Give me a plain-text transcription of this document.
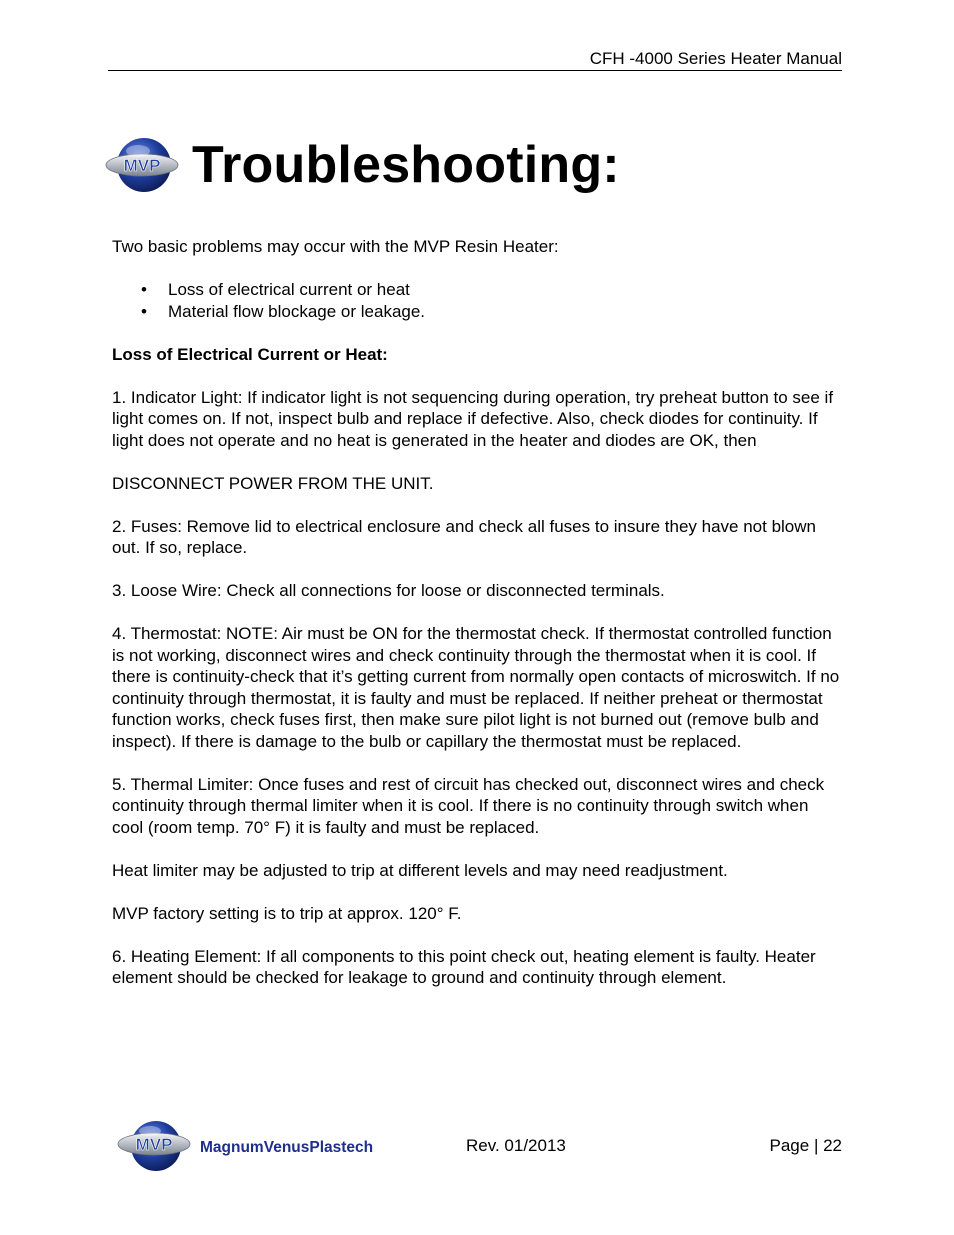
CFH -4000 Series Heater Manual
MVP Troubleshooting:

Two basic problems may occur with the MVP Resin Heater:

• Loss of electrical current or heat
• Material flow blockage or leakage.

Loss of Electrical Current or Heat:

1. Indicator Light: If indicator light is not sequencing during operation, try preheat button to see if light comes on. If not, inspect bulb and replace if defective. Also, check diodes for continuity. If light does not operate and no heat is generated in the heater and diodes are OK, then

DISCONNECT POWER FROM THE UNIT.

2. Fuses: Remove lid to electrical enclosure and check all fuses to insure they have not blown out. If so, replace.

3. Loose Wire: Check all connections for loose or disconnected terminals.

4. Thermostat: NOTE: Air must be ON for the thermostat check. If thermostat controlled function is not working, disconnect wires and check continuity through the thermostat when it is cool. If there is continuity-check that it’s getting current from normally open contacts of microswitch. If no continuity through thermostat, it is faulty and must be replaced. If neither preheat or thermostat function works, check fuses first, then make sure pilot light is not burned out (remove bulb and inspect). If there is damage to the bulb or capillary the thermostat must be replaced.

5. Thermal Limiter: Once fuses and rest of circuit has checked out, disconnect wires and check continuity through thermal limiter when it is cool. If there is no continuity through switch when cool (room temp. 70° F) it is faulty and must be replaced.

Heat limiter may be adjusted to trip at different levels and may need readjustment.

MVP factory setting is to trip at approx. 120° F.

6. Heating Element: If all components to this point check out, heating element is faulty. Heater element should be checked for leakage to ground and continuity through element.

MVP MagnumVenusPlastech	Rev. 01/2013	Page | 22
